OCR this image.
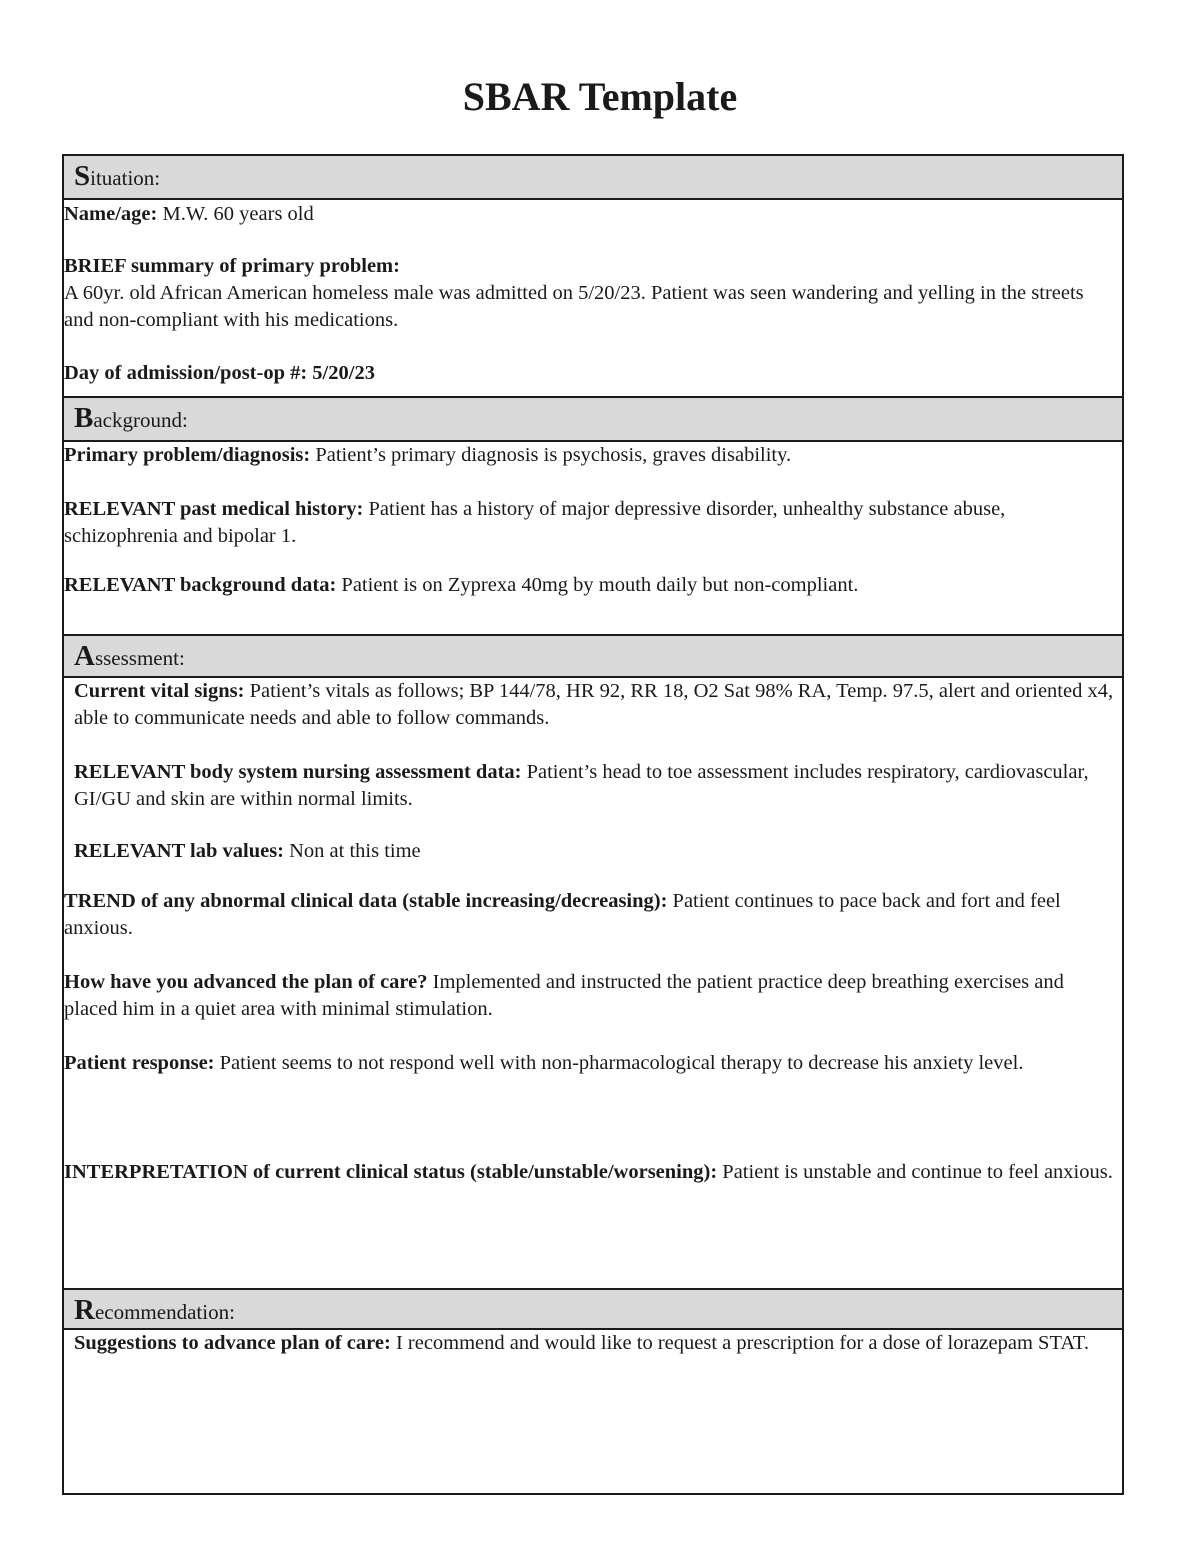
SBAR Template
Situation:

Name/age: M.W. 60 years old

BRIEF summary of primary problem:
A 60yr. old African American homeless male was admitted on 5/20/23. Patient was seen wandering and yelling in the streets and non-compliant with his medications.

Day of admission/post-op #: 5/20/23

Background:

Primary problem/diagnosis: Patient’s primary diagnosis is psychosis, graves disability.

RELEVANT past medical history: Patient has a history of major depressive disorder, unhealthy substance abuse, schizophrenia and bipolar 1.

RELEVANT background data: Patient is on Zyprexa 40mg by mouth daily but non-compliant.

Assessment:

Current vital signs: Patient’s vitals as follows; BP 144/78, HR 92, RR 18, O2 Sat 98% RA, Temp. 97.5, alert and oriented x4, able to communicate needs and able to follow commands.

RELEVANT body system nursing assessment data: Patient’s head to toe assessment includes respiratory, cardiovascular, GI/GU and skin are within normal limits.

RELEVANT lab values: Non at this time

TREND of any abnormal clinical data (stable increasing/decreasing): Patient continues to pace back and fort and feel anxious.

How have you advanced the plan of care? Implemented and instructed the patient practice deep breathing exercises and placed him in a quiet area with minimal stimulation.

Patient response: Patient seems to not respond well with non-pharmacological therapy to decrease his anxiety level.

INTERPRETATION of current clinical status (stable/unstable/worsening): Patient is unstable and continue to feel anxious.

Recommendation:

Suggestions to advance plan of care: I recommend and would like to request a prescription for a dose of lorazepam STAT.
